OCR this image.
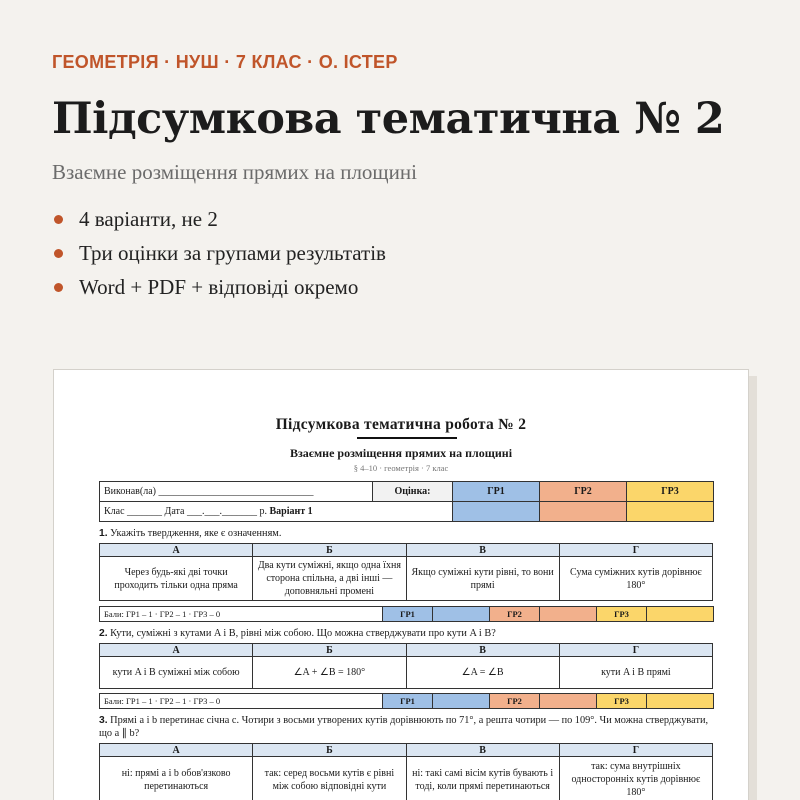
ГЕОМЕТРІЯ · НУШ · 7 КЛАС · О. ІСТЕР
Підсумкова тематична № 2
Взаємне розміщення прямих на площині
4 варіанти, не 2
Три оцінки за групами результатів
Word + PDF + відповіді окремо
Підсумкова тематична робота № 2
Взаємне розміщення прямих на площині
§ 4–10 · геометрія · 7 клас
Виконав(ла) _______________________________	Оцінка:	ГР1	ГР2	ГР3
Клас _______ Дата ___.___._______ р. Варіант 1				
1. Укажіть твердження, яке є означенням.
А	Б	В	Г
Через будь-які дві точки проходить тільки одна пряма	Два кути суміжні, якщо одна їхня сторона спільна, а дві інші — доповняльні промені	Якщо суміжні кути рівні, то вони прямі	Сума суміжних кутів дорівнює 180°
Бали: ГР1 – 1 · ГР2 – 1 · ГР3 – 0	ГР1		ГР2		ГР3	
2. Кути, суміжні з кутами A і B, рівні між собою. Що можна стверджувати про кути A і B?
А	Б	В	Г
кути A і B суміжні між собою	∠A + ∠B = 180°	∠A = ∠B	кути A і B прямі
Бали: ГР1 – 1 · ГР2 – 1 · ГР3 – 0	ГР1		ГР2		ГР3	
3. Прямі a і b перетинає січна c. Чотири з восьми утворених кутів дорівнюють по 71°, а решта чотири — по 109°. Чи можна стверджувати, що a ∥ b?
А	Б	В	Г
ні: прямі a і b обов'язково перетинаються	так: серед восьми кутів є рівні між собою відповідні кути	ні: такі самі вісім кутів бувають і тоді, коли прямі перетинаються	так: сума внутрішніх односторонніх кутів дорівнює 180°
